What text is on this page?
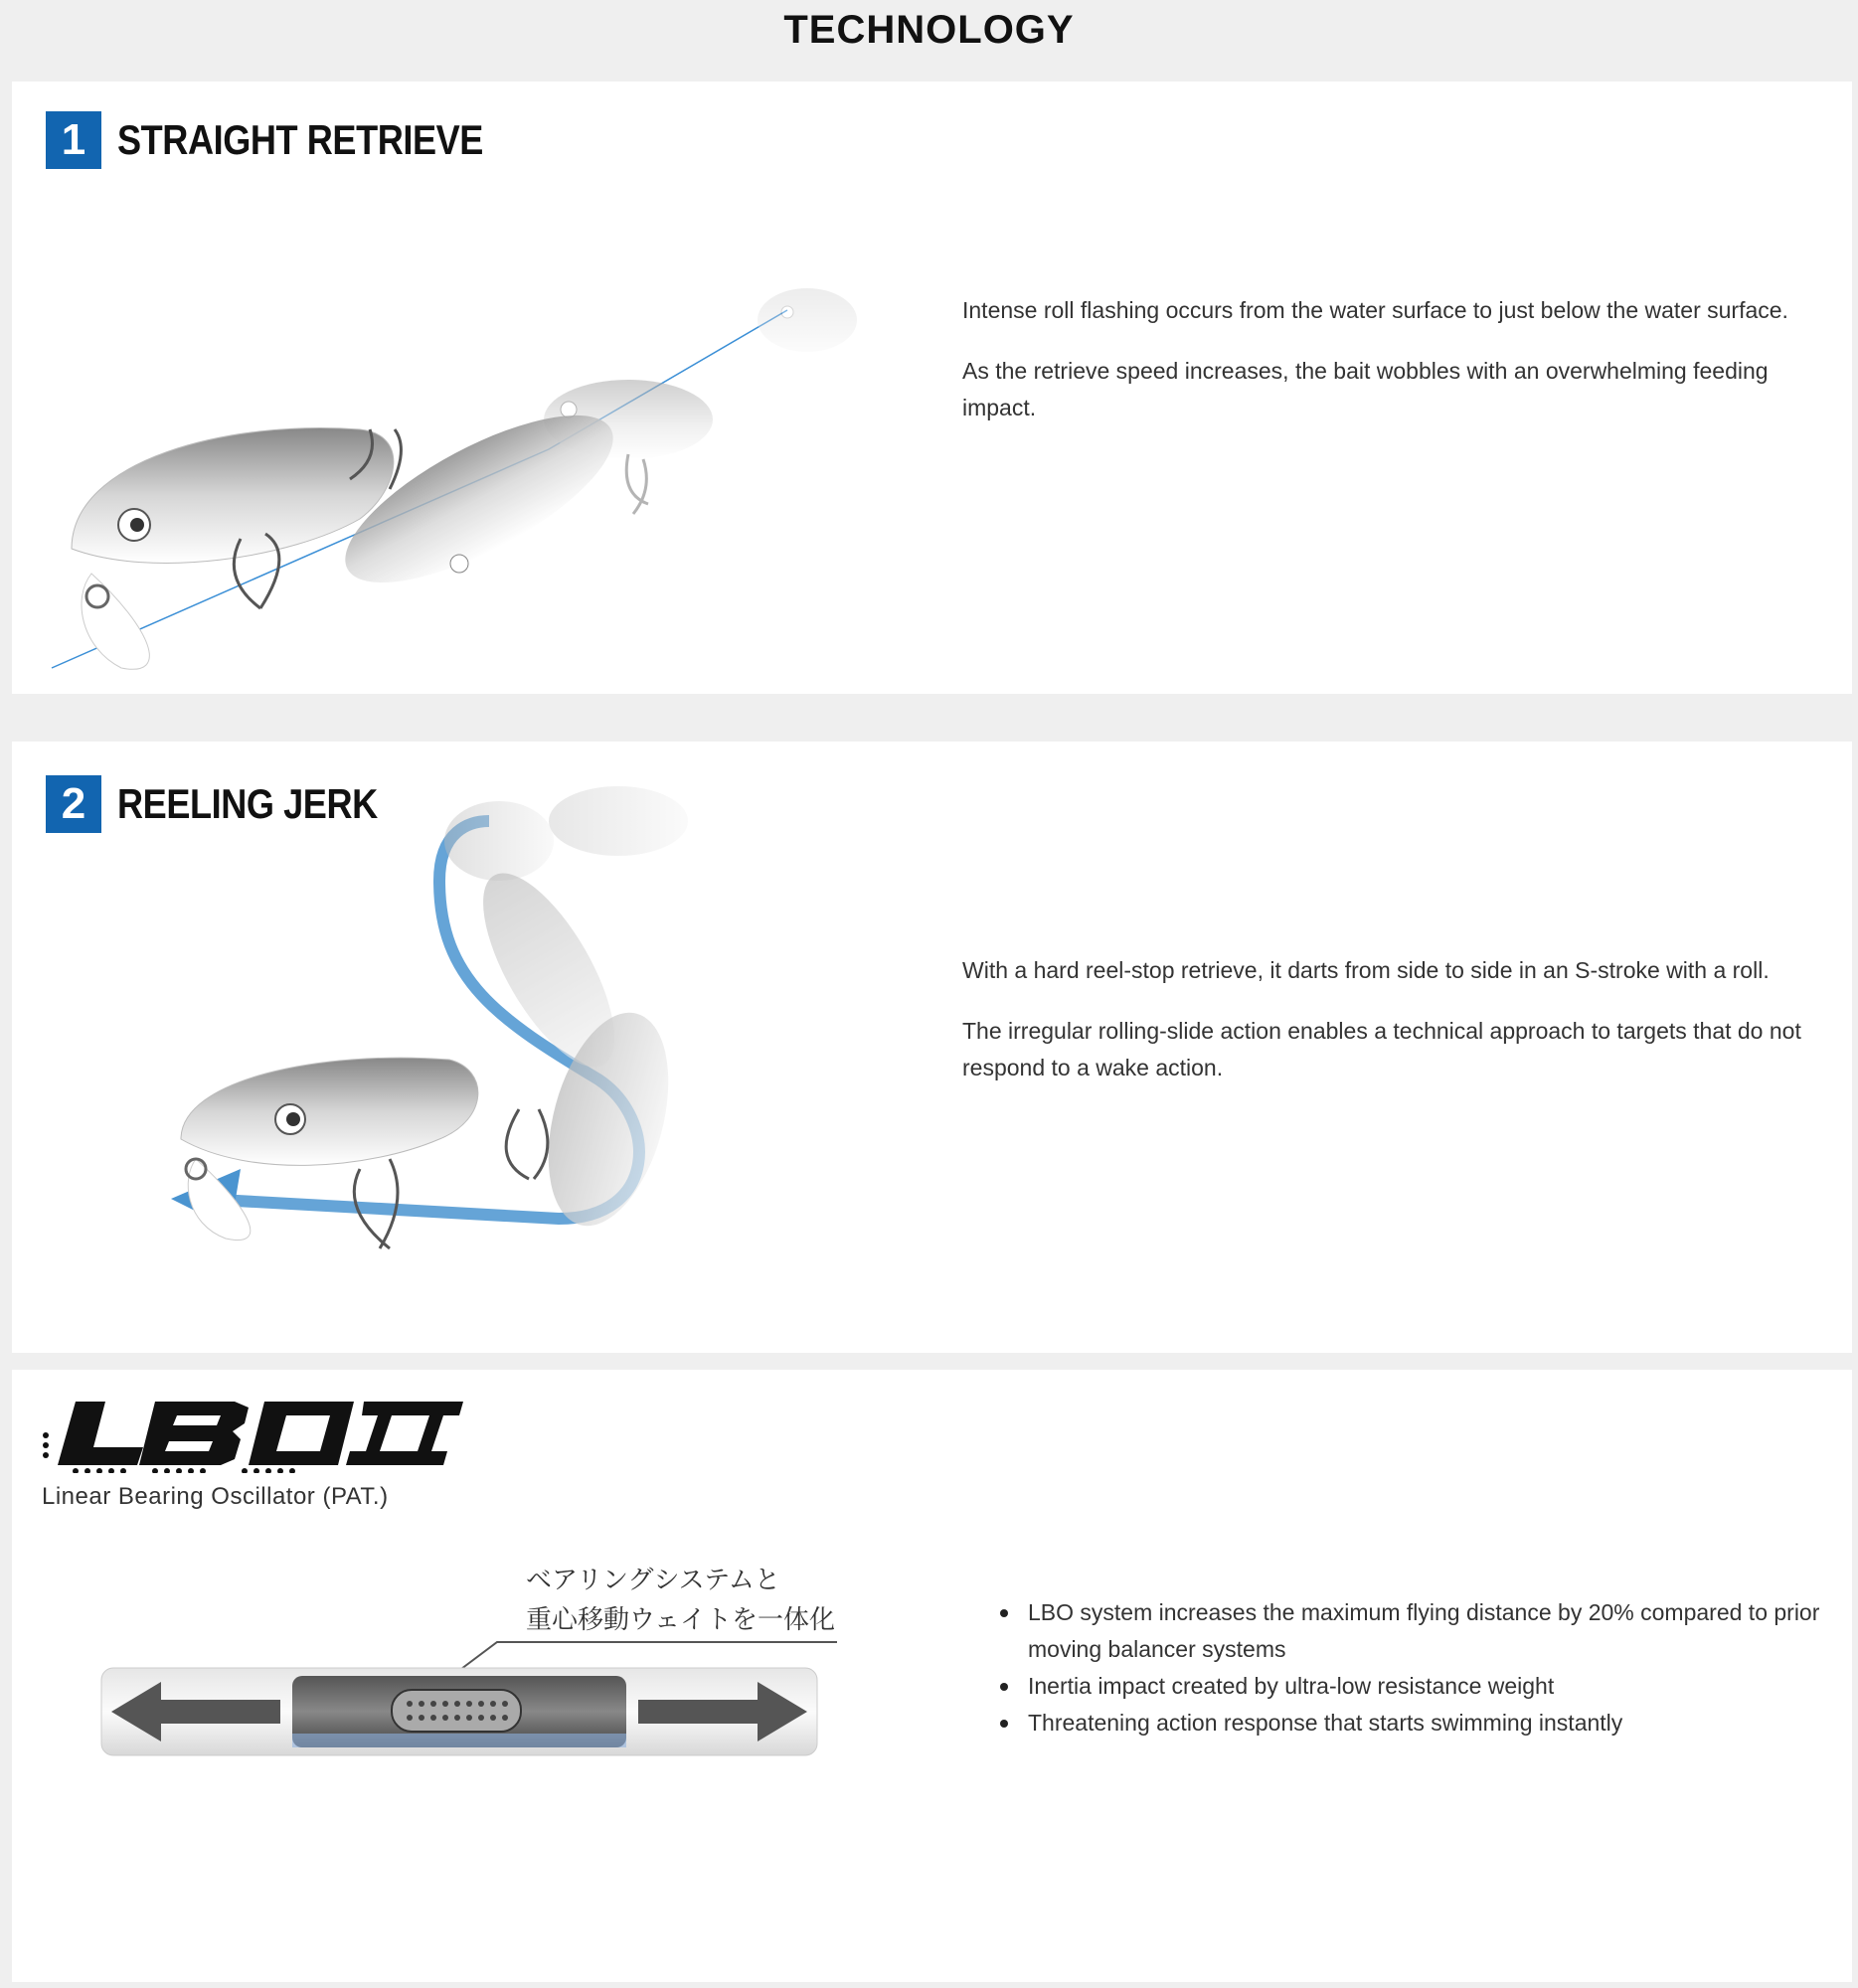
TECHNOLOGY
1 STRAIGHT RETRIEVE

Intense roll flashing occurs from the water surface to just below the water surface.

As the retrieve speed increases, the bait wobbles with an overwhelming feeding impact.

2 REELING JERK

With a hard reel-stop retrieve, it darts from side to side in an S-stroke with a roll.

The irregular rolling-slide action enables a technical approach to targets that do not respond to a wake action.

Linear Bearing Oscillator (PAT.)
ベアリングシステムと
重心移動ウェイトを一体化	LBO system increases the maximum flying distance by 20% compared to prior moving balancer systems
Inertia impact created by ultra-low resistance weight
Threatening action response that starts swimming instantly
